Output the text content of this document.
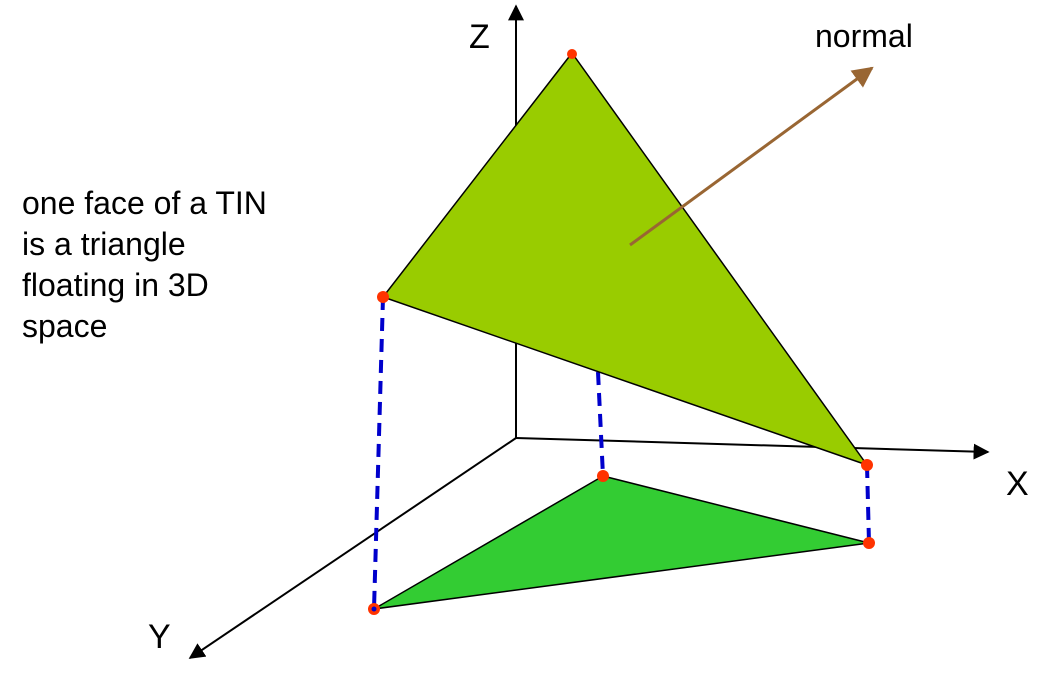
Z
X
Y
normal
one face of a TIN
is a triangle
floating in 3D
space
